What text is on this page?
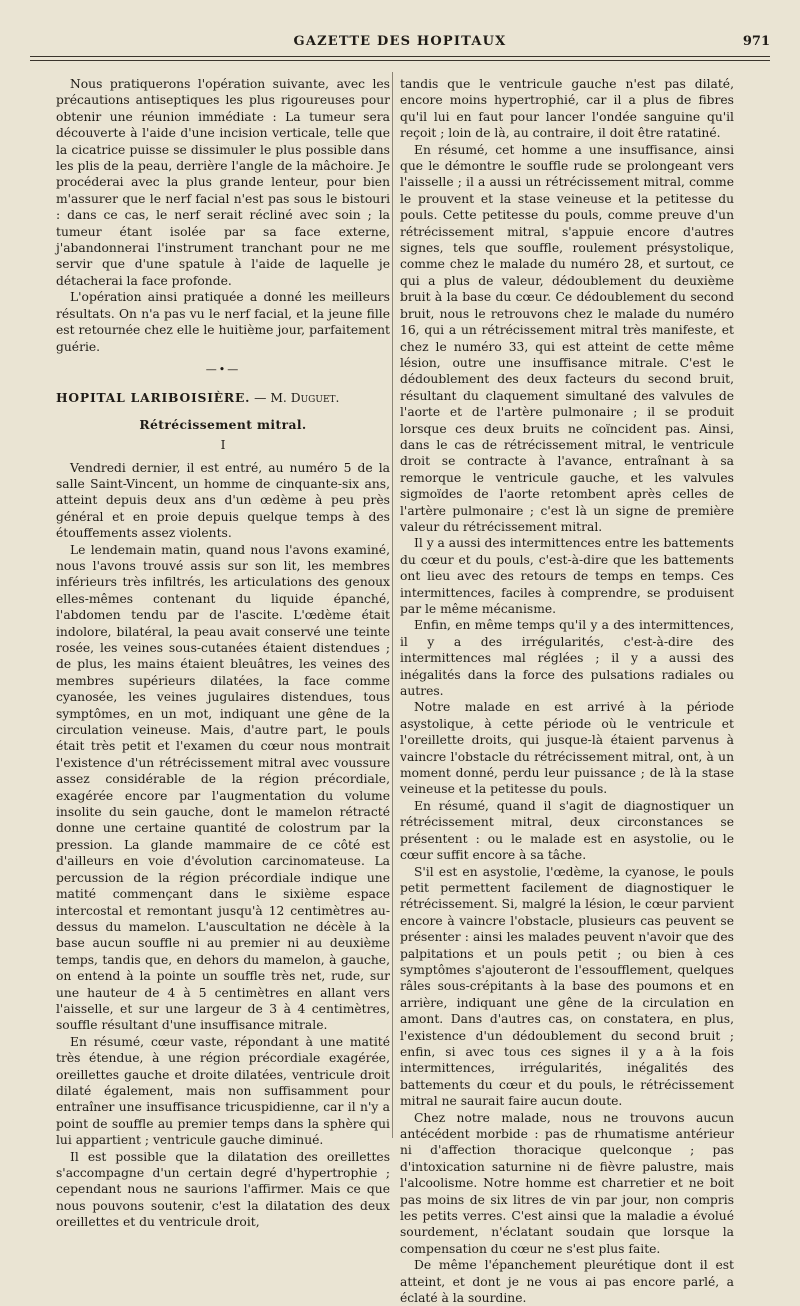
GAZETTE DES HOPITAUX	971

Nous pratiquerons l'opération suivante, avec les précautions antiseptiques les plus rigoureuses pour obtenir une réunion immédiate : La tumeur sera découverte à l'aide d'une incision verticale, telle que la cicatrice puisse se dissimuler le plus possible dans les plis de la peau, derrière l'angle de la mâchoire. Je procéderai avec la plus grande lenteur, pour bien m'assurer que le nerf facial n'est pas sous le bistouri : dans ce cas, le nerf serait récliné avec soin ; la tumeur étant isolée par sa face externe, j'abandonnerai l'instrument tranchant pour ne me servir que d'une spatule à l'aide de laquelle je détacherai la face profonde.

L'opération ainsi pratiquée a donné les meilleurs résultats. On n'a pas vu le nerf facial, et la jeune fille est retournée chez elle le huitième jour, parfaitement guérie.

—•—

HOPITAL LARIBOISIÈRE. — M. Duguet.

Rétrécissement mitral.
I

Vendredi dernier, il est entré, au numéro 5 de la salle Saint-Vincent, un homme de cinquante-six ans, atteint depuis deux ans d'un œdème à peu près général et en proie depuis quelque temps à des étouffements assez violents.

Le lendemain matin, quand nous l'avons examiné, nous l'avons trouvé assis sur son lit, les membres inférieurs très infiltrés, les articulations des genoux elles-mêmes contenant du liquide épanché, l'abdomen tendu par de l'ascite. L'œdème était indolore, bilatéral, la peau avait conservé une teinte rosée, les veines sous-cutanées étaient distendues ; de plus, les mains étaient bleuâtres, les veines des membres supérieurs dilatées, la face comme cyanosée, les veines jugulaires distendues, tous symptômes, en un mot, indiquant une gêne de la circulation veineuse. Mais, d'autre part, le pouls était très petit et l'examen du cœur nous montrait l'existence d'un rétrécissement mitral avec voussure assez considérable de la région précordiale, exagérée encore par l'augmentation du volume insolite du sein gauche, dont le mamelon rétracté donne une certaine quantité de colostrum par la pression. La glande mammaire de ce côté est d'ailleurs en voie d'évolution carcinomateuse. La percussion de la région précordiale indique une matité commençant dans le sixième espace intercostal et remontant jusqu'à 12 centimètres au-dessus du mamelon. L'auscultation ne décèle à la base aucun souffle ni au premier ni au deuxième temps, tandis que, en dehors du mamelon, à gauche, on entend à la pointe un souffle très net, rude, sur une hauteur de 4 à 5 centimètres en allant vers l'aisselle, et sur une largeur de 3 à 4 centimètres, souffle résultant d'une insuffisance mitrale.

En résumé, cœur vaste, répondant à une matité très étendue, à une région précordiale exagérée, oreillettes gauche et droite dilatées, ventricule droit dilaté également, mais non suffisamment pour entraîner une insuffisance tricuspidienne, car il n'y a point de souffle au premier temps dans la sphère qui lui appartient ; ventricule gauche diminué.

Il est possible que la dilatation des oreillettes s'accompagne d'un certain degré d'hypertrophie ; cependant nous ne saurions l'affirmer. Mais ce que nous pouvons soutenir, c'est la dilatation des deux oreillettes et du ventricule droit,

tandis que le ventricule gauche n'est pas dilaté, encore moins hypertrophié, car il a plus de fibres qu'il lui en faut pour lancer l'ondée sanguine qu'il reçoit ; loin de là, au contraire, il doit être ratatiné.

En résumé, cet homme a une insuffisance, ainsi que le démontre le souffle rude se prolongeant vers l'aisselle ; il a aussi un rétrécissement mitral, comme le prouvent et la stase veineuse et la petitesse du pouls. Cette petitesse du pouls, comme preuve d'un rétrécissement mitral, s'appuie encore d'autres signes, tels que souffle, roulement présystolique, comme chez le malade du numéro 28, et surtout, ce qui a plus de valeur, dédoublement du deuxième bruit à la base du cœur. Ce dédoublement du second bruit, nous le retrouvons chez le malade du numéro 16, qui a un rétrécissement mitral très manifeste, et chez le numéro 33, qui est atteint de cette même lésion, outre une insuffisance mitrale. C'est le dédoublement des deux facteurs du second bruit, résultant du claquement simultané des valvules de l'aorte et de l'artère pulmonaire ; il se produit lorsque ces deux bruits ne coïncident pas. Ainsi, dans le cas de rétrécissement mitral, le ventricule droit se contracte à l'avance, entraînant à sa remorque le ventricule gauche, et les valvules sigmoïdes de l'aorte retombent après celles de l'artère pulmonaire ; c'est là un signe de première valeur du rétrécissement mitral.

Il y a aussi des intermittences entre les battements du cœur et du pouls, c'est-à-dire que les battements ont lieu avec des retours de temps en temps. Ces intermittences, faciles à comprendre, se produisent par le même mécanisme.

Enfin, en même temps qu'il y a des intermittences, il y a des irrégularités, c'est-à-dire des intermittences mal réglées ; il y a aussi des inégalités dans la force des pulsations radiales ou autres.

Notre malade en est arrivé à la période asystolique, à cette période où le ventricule et l'oreillette droits, qui jusque-là étaient parvenus à vaincre l'obstacle du rétrécissement mitral, ont, à un moment donné, perdu leur puissance ; de là la stase veineuse et la petitesse du pouls.

En résumé, quand il s'agit de diagnostiquer un rétrécissement mitral, deux circonstances se présentent : ou le malade est en asystolie, ou le cœur suffit encore à sa tâche.

S'il est en asystolie, l'œdème, la cyanose, le pouls petit permettent facilement de diagnostiquer le rétrécissement. Si, malgré la lésion, le cœur parvient encore à vaincre l'obstacle, plusieurs cas peuvent se présenter : ainsi les malades peuvent n'avoir que des palpitations et un pouls petit ; ou bien à ces symptômes s'ajouteront de l'essoufflement, quelques râles sous-crépitants à la base des poumons et en arrière, indiquant une gêne de la circulation en amont. Dans d'autres cas, on constatera, en plus, l'existence d'un dédoublement du second bruit ; enfin, si avec tous ces signes il y a à la fois intermittences, irrégularités, inégalités des battements du cœur et du pouls, le rétrécissement mitral ne saurait faire aucun doute.

Chez notre malade, nous ne trouvons aucun antécédent morbide : pas de rhumatisme antérieur ni d'affection thoracique quelconque ; pas d'intoxication saturnine ni de fièvre palustre, mais l'alcoolisme. Notre homme est charretier et ne boit pas moins de six litres de vin par jour, non compris les petits verres. C'est ainsi que la maladie a évolué sourdement, n'éclatant soudain que lorsque la compensation du cœur ne s'est plus faite.

De même l'épanchement pleurétique dont il est atteint, et dont je ne vous ai pas encore parlé, a éclaté à la sourdine.
